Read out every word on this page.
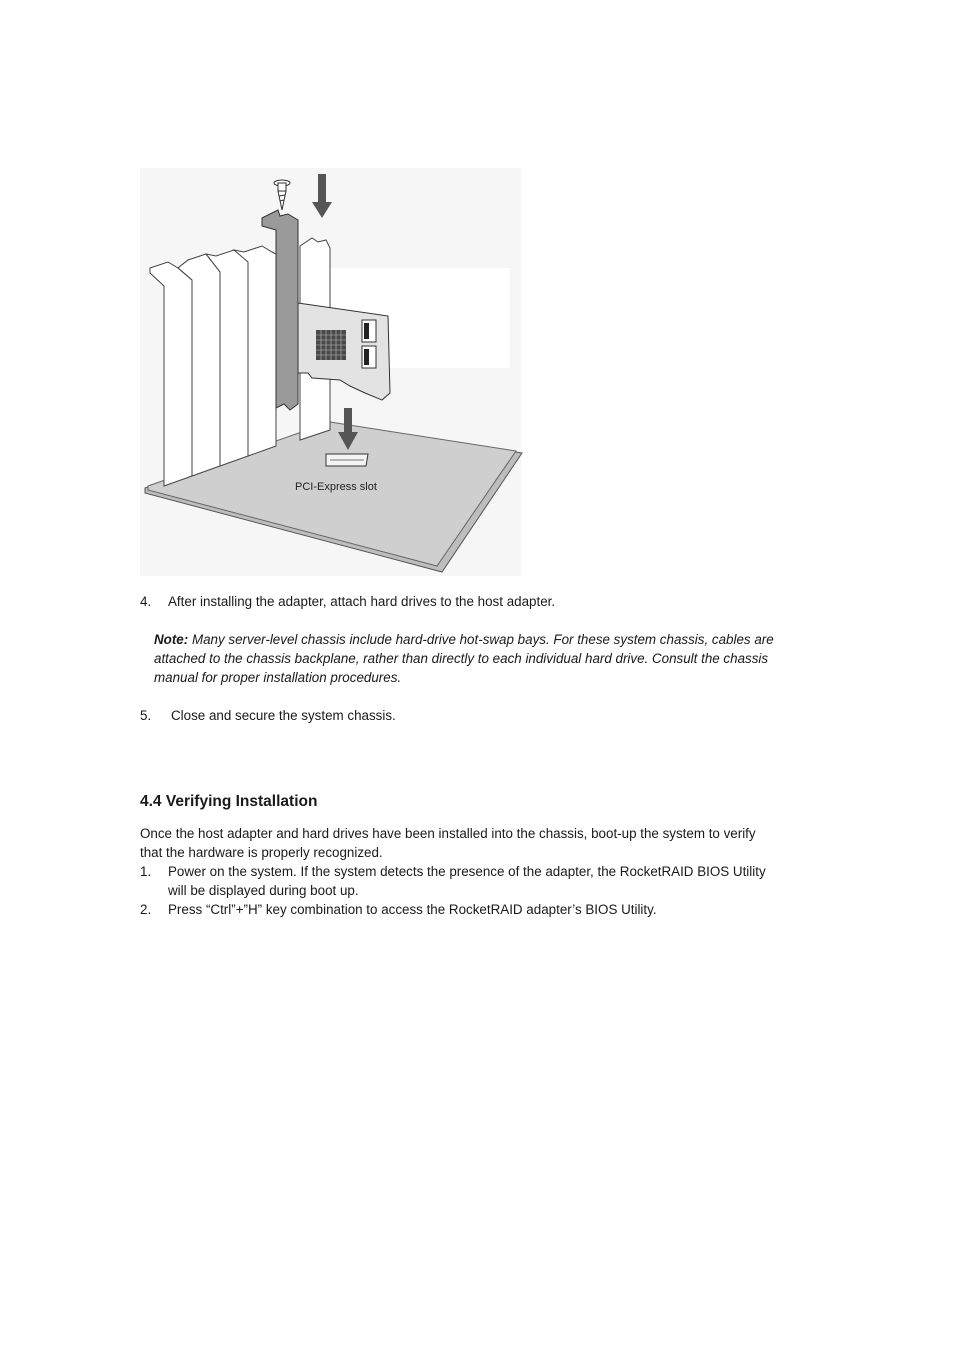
PCI-Express slot
4. After installing the adapter, attach hard drives to the host adapter.
Note: Many server-level chassis include hard-drive hot-swap bays. For these system chassis, cables are
attached to the chassis backplane, rather than directly to each individual hard drive. Consult the chassis
manual for proper installation procedures.
5. Close and secure the system chassis.
4.4 Verifying Installation
Once the host adapter and hard drives have been installed into the chassis, boot-up the system to verify
that the hardware is properly recognized.
1. Power on the system. If the system detects the presence of the adapter, the RocketRAID BIOS Utility
will be displayed during boot up.
2. Press “Ctrl”+”H” key combination to access the RocketRAID adapter’s BIOS Utility.
